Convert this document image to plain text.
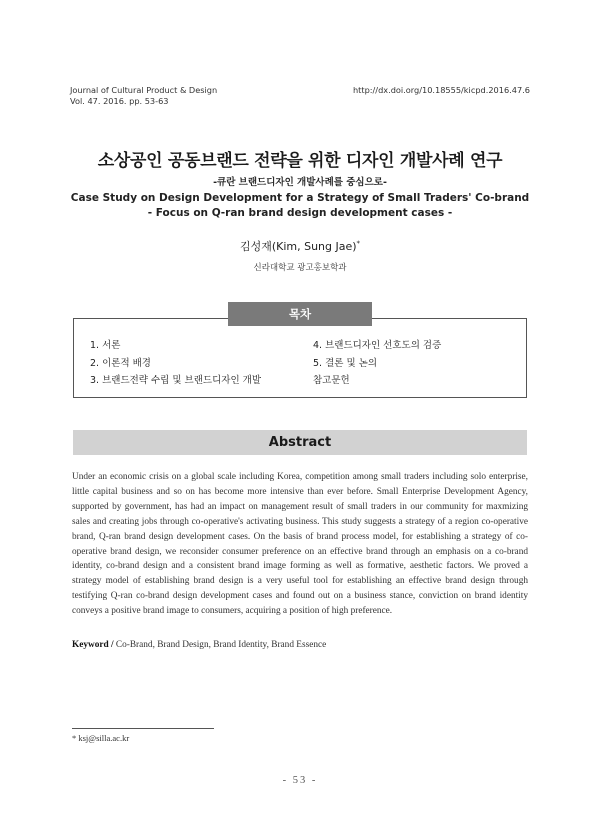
Journal of Cultural Product & Design
Vol. 47. 2016. pp. 53-63
http://dx.doi.org/10.18555/kicpd.2016.47.6
소상공인 공동브랜드 전략을 위한 디자인 개발사례 연구
-큐란 브랜드디자인 개발사례를 중심으로-
Case Study on Design Development for a Strategy of Small Traders' Co-brand
- Focus on Q-ran brand design development cases -
김성재(Kim, Sung Jae)*
신라대학교 광고홍보학과
목차
1. 서론
2. 이론적 배경
3. 브랜드전략 수립 및 브랜드디자인 개발
4. 브랜드디자인 선호도의 검증
5. 결론 및 논의
참고문헌
Abstract
Under an economic crisis on a global scale including Korea, competition among small traders including solo enterprise, little capital business and so on has become more intensive than ever before. Small Enterprise Development Agency, supported by government, has had an impact on management result of small traders in our community for maxmizing sales and creating jobs through co-operative's activating business. This study suggests a strategy of a region co-operative brand, Q-ran brand design development cases. On the basis of brand process model, for establishing a strategy of co-operative brand design, we reconsider consumer preference on an effective brand through an emphasis on a co-brand identity, co-brand design and a consistent brand image forming as well as formative, aesthetic factors. We proved a strategy model of establishing brand design is a very useful tool for establishing an effective brand design through testifying Q-ran co-brand design development cases and found out on a business stance, conviction on brand identity conveys a positive brand image to consumers, acquiring a position of high preference.
Keyword / Co-Brand, Brand Design, Brand Identity, Brand Essence
* ksj@silla.ac.kr
- 53 -
